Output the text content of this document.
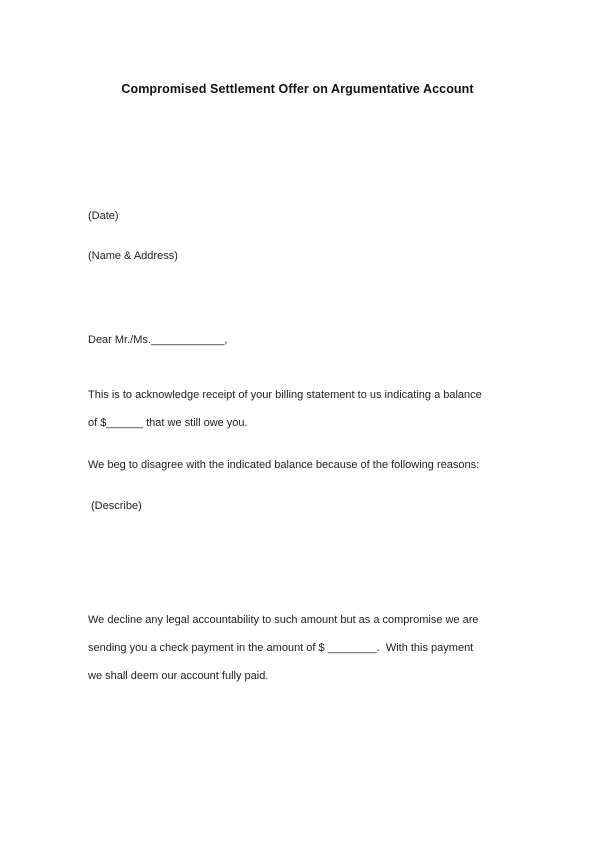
Compromised Settlement Offer on Argumentative Account
(Date)
(Name & Address)
Dear Mr./Ms.____________,
This is to acknowledge receipt of your billing statement to us indicating a balance
of $______ that we still owe you.
We beg to disagree with the indicated balance because of the following reasons:
(Describe)
We decline any legal accountability to such amount but as a compromise we are
sending you a check payment in the amount of $ ________.  With this payment
we shall deem our account fully paid.
